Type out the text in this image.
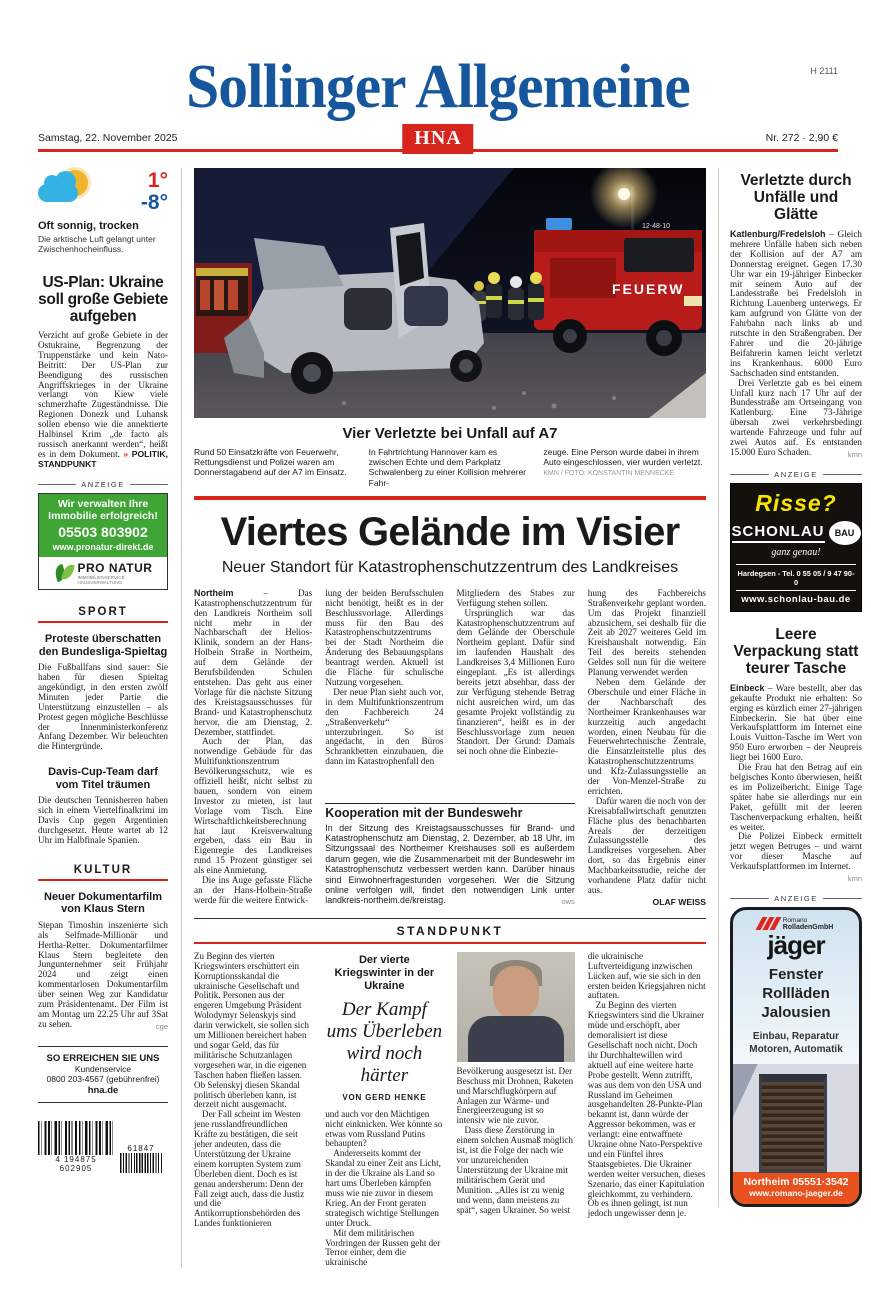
H 2111
Sollinger Allgemeine
Samstag, 22. November 2025	Nr. 272 · 2,90 €
HNA
1°
-8°
Oft sonnig, trocken
Die arktische Luft gelangt unter Zwischenhocheinfluss.
US-Plan: Ukraine soll große Gebiete aufgeben

Verzicht auf große Gebiete in der Ostukraine, Begrenzung der Truppenstärke und kein Nato-Beitritt: Der US-Plan zur Beendigung des russischen Angriffskrieges in der Ukraine verlangt von Kiew viele schmerzhafte Zugeständnisse. Die Regionen Donezk und Luhansk sollen ebenso wie die annektierte Halbinsel Krim „de facto als russisch anerkannt werden“, heißt es in dem Dokument. » POLITIK, STANDPUNKT

ANZEIGE
Wir verwalten Ihre Immobilie erfolgreich!
05503 803902
www.pronatur-direkt.de
PRO NATUR
IMMOBILIENSERVICE
HAUSVERWALTUNG
SPORT
Proteste überschatten den Bundesliga-Spieltag

Die Fußballfans sind sauer: Sie haben für diesen Spieltag angekündigt, in den ersten zwölf Minuten jeder Partie die Unterstützung einzustellen – als Protest gegen mögliche Beschlüsse der Innenministerkonferenz Anfang Dezember. Wir beleuchten die Hintergründe.

Davis-Cup-Team darf vom Titel träumen

Die deutschen Tennisherren haben sich in einem Viertelfinalkrimi im Davis Cup gegen Argentinien durchgesetzt. Heute wartet ab 12 Uhr im Halbfinale Spanien.

KULTUR
Neuer Dokumentarfilm von Klaus Stern

Stepan Timoshin inszenierte sich als Selfmade-Millionär und Hertha-Retter. Dokumentarfilmer Klaus Stern begleitete den Jungunternehmer seit Frühjahr 2024 und zeigt einen kommentarlosen Dokumentarfilm über seinen Weg zur Kandidatur zum Präsidentenamt. Der Film ist am Montag um 22.25 Uhr auf 3Sat zu sehen.	cge

SO ERREICHEN SIE UNS
Kundenservice
0800 203-4567 (gebührenfrei)
hna.de
4 194875 602905
61847
FEUERW
12-48-10
Vier Verletzte bei Unfall auf A7
Rund 50 Einsatzkräfte von Feuerwehr, Rettungsdienst und Polizei waren am Donnerstagabend auf der A7 im Einsatz.
In Fahrtrichtung Hannover kam es zwischen Echte und dem Parkplatz Schwalenberg zu einer Kollision mehrerer Fahr-
zeuge. Eine Person wurde dabei in ihrem Auto eingeschlossen, vier wurden verletzt. KMN / FOTO: KONSTANTIN MENNECKE
Viertes Gelände im Visier
Neuer Standort für Katastrophenschutzzentrum des Landkreises

Northeim	– Das Katastrophenschutzzentrum für den Landkreis Northeim soll nicht mehr in der Nachbarschaft der Helios-Klinik, sondern an der Hans-Holbein Straße in Northeim, auf dem Gelände der Berufsbildenden Schulen entstehen. Das geht aus einer Vorlage für die nächste Sitzung des Kreistagsausschusses für Brand- und Katastrophenschutz hervor, die am Dienstag, 2. Dezember, stattfindet.

Auch der Plan, das notwendige Gebäude für das Multifunktionszentrum Bevölkerungsschutz, wie es offiziell heißt, nicht selbst zu bauen, sondern von einem Investor zu mieten, ist laut Vorlage vom Tisch. Eine Wirtschaftlichkeitsberechnung hat laut Kreisverwaltung ergeben, dass ein Bau in Eigenregie des Landkreises rund 15 Prozent günstiger sei als eine Anmietung.

Die ins Auge gefasste Fläche an der Hans-Holbein-Straße werde für die weitere Entwick-

lung der beiden Berufsschulen nicht benötigt, heißt es in der Beschlussvorlage. Allerdings muss für den Bau des Katastrophenschutzzentrums bei der Stadt Northeim die Änderung des Bebauungsplans beantragt werden. Aktuell ist die Fläche für schulische Nutzung vorgesehen.

Der neue Plan sieht auch vor, in dem Multifunktionszentrum den Fachbereich 24 „Straßenverkehr“ unterzubringen. So ist angedacht, in den Büros Schrankbetten einzubauen, die dann im Katastrophenfall den

Mitgliedern des Stabes zur Verfügung stehen sollen.

Ursprünglich war das Katastrophenschutzzentrum auf dem Gelände der Oberschule Northeim geplant. Dafür sind im laufenden Haushalt des Landkreises 3,4 Millionen Euro eingeplant. „Es ist allerdings bereits jetzt absehbar, dass der zur Verfügung stehende Betrag nicht ausreichen wird, um das gesamte Projekt vollständig zu finanzieren“, heißt es in der Beschlussvorlage zum neuen Standort. Der Grund: Damals sei noch ohne die Einbezie-

hung des Fachbereichs Straßenverkehr geplant worden. Um das Projekt finanziell abzusichern, sei deshalb für die Zeit ab 2027 weiteres Geld im Kreishaushalt notwendig. Ein Teil des bereits stehenden Geldes soll nun für die weitere Planung verwendet werden

Neben dem Gelände der Oberschule und einer Fläche in der Nachbarschaft des Northeimer Krankenhauses war kurzzeitig auch angedacht worden, einen Neubau für die Feuerwehrtechnische Zentrale, die Einsatzleitstelle plus des Katastrophenschutzzentrums und Kfz-Zulassungsstelle an der Von-Menzel-Straße zu errichten.

Dafür waren die noch von der Kreisabfallwirtschaft genutzten Fläche plus des benachbarten Areals der derzeitigen Zulassungsstelle des Landkreises vorgesehen. Aber dort, so das Ergebnis einer Machbarkeitsstudie, reiche der vorhandene Platz dafür nicht aus.

OLAF WEISS
Kooperation mit der Bundeswehr
In der Sitzung des Kreistagsausschusses für Brand- und Katastrophenschutz am Dienstag, 2. Dezember, ab 18 Uhr, im Sitzungssaal des Northeimer Kreishauses soll es außerdem darum gegen, wie die Zusammenarbeit mit der Bundeswehr im Katastrophenschutz verbessert werden kann. Darüber hinaus sind Einwohnerfragestunden vorgesehen. Wer die Sitzung online verfolgen will, findet den notwendigen Link unter landkreis-northeim.de/kreistag.	ows
STANDPUNKT

Zu Beginn des vierten Kriegswinters erschüttert ein Korruptionsskandal die ukrainische Gesellschaft und Politik. Personen aus der engeren Umgebung Präsident Wolodymyr Selenskyjs sind darin verwickelt, sie sollen sich um Millionen bereichert haben und sogar Geld, das für militärische Schutzanlagen vorgesehen war, in die eigenen Taschen haben fließen lassen. Ob Selenskyj diesen Skandal politisch überleben kann, ist derzeit nicht ausgemacht.

Der Fall scheint im Westen jene russlandfreundlichen Kräfte zu bestätigen, die seit jeher andeuten, dass die Unterstützung der Ukraine einem korrupten System zum Überleben dient. Doch es ist genau andersherum: Denn der Fall zeigt auch, dass die Justiz und die Antikorruptionsbehörden des Landes funktionieren

Der vierte Kriegswinter in der Ukraine
Der Kampf ums Überleben wird noch härter
VON GERD HENKE

und auch vor den Mächtigen nicht einknicken. Wer könnte so etwas vom Russland Putins behaupten?

Andererseits kommt der Skandal zu einer Zeit ans Licht, in der die Ukraine als Land so hart ums Überleben kämpfen muss wie nie zuvor in diesem Krieg. An der Front geraten strategisch wichtige Stellungen unter Druck.

Mit dem militärischen Vordringen der Russen geht der Terror einher, dem die ukrainische

Bevölkerung ausgesetzt ist. Der Beschuss mit Drohnen, Raketen und Marschflugkörpern auf Anlagen zur Wärme- und Energieerzeugung ist so intensiv wie nie zuvor.

Dass diese Zerstörung in einem solchen Ausmaß möglich ist, ist die Folge der nach wie vor unzureichenden Unterstützung der Ukraine mit militärischem Gerät und Munition. „Alles ist zu wenig und wenn, dann meistens zu spät“, sagen Ukrainer. So weist

die ukrainische Luftverteidigung inzwischen Lücken auf, wie sie sich in den ersten beiden Kriegsjahren nicht auftaten.

Zu Beginn des vierten Kriegswinters sind die Ukrainer müde und erschöpft, aber demoralisiert ist diese Gesellschaft noch nicht. Doch ihr Durchhaltewillen wird aktuell auf eine weitere harte Probe gestellt. Wenn zutrifft, was aus dem von den USA und Russland im Geheimen ausgehandelten 28-Punkte-Plan bekannt ist, dann würde der Aggressor bekommen, was er verlangt: eine entwaffnete Ukraine ohne Nato-Perspektive und ein Fünftel ihres Staatsgebietes. Die Ukrainer werden weiter versuchen, dieses Szenario, das einer Kapitulation gleichkommt, zu verhindern. Ob es ihnen gelingt, ist nun jedoch ungewisser denn je.

Verletzte durch Unfälle und Glätte

Katlenburg/Fredelsloh – Gleich mehrere Unfälle haben sich neben der Kollision auf der A7 am Donnerstag ereignet. Gegen 17.30 Uhr war ein 19-jähriger Einbecker mit seinem Auto auf der Landesstraße bei Fredelsloh in Richtung Lauenberg unterwegs. Er kam aufgrund von Glätte von der Fahrbahn nach links ab und rutschte in den Straßengraben. Der Fahrer und die 20-jährige Beifahrerin kamen leicht verletzt ins Krankenhaus. 6000 Euro Sachschaden sind entstanden.

Drei Verletzte gab es bei einem Unfall kurz nach 17 Uhr auf der Bundesstraße am Ortseingang von Katlenburg. Eine 73-Jährige übersah zwei verkehrsbedingt wartende Fahrzeuge und fuhr auf zwei Autos auf. Es entstanden 15.000 Euro Schaden.	kmn

ANZEIGE
Risse?
SCHONLAU	BAU
ganz genau!
Hardegsen - Tel. 0 55 05 / 9 47 90-0
www.schonlau-bau.de
Leere Verpackung statt teurer Tasche

Einbeck – Ware bestellt, aber das gekaufte Produkt nie erhalten: So erging es kürzlich einer 27-jährigen Einbeckerin. Sie hat über eine Verkaufsplattform im Internet eine Louis Vuitton-Tasche im Wert von 950 Euro erworben – der Neupreis liegt bei 1600 Euro.

Die Frau hat den Betrag auf ein belgisches Konto überwiesen, heißt es im Polizeibericht. Einige Tage später habe sie allerdings nur ein Paket, gefüllt mit der leeren Taschenverpackung erhalten, heißt es weiter.

Die Polizei Einbeck ermittelt jetzt wegen Betruges – und warnt vor dieser Masche auf Verkaufsplattformen im Internet.
kmn

ANZEIGE
Romano
RolladenGmbH
jäger
Fenster
Rollläden
Jalousien
Einbau, Reparatur
Motoren, Automatik
Northeim 05551·3542
www.romano-jaeger.de
